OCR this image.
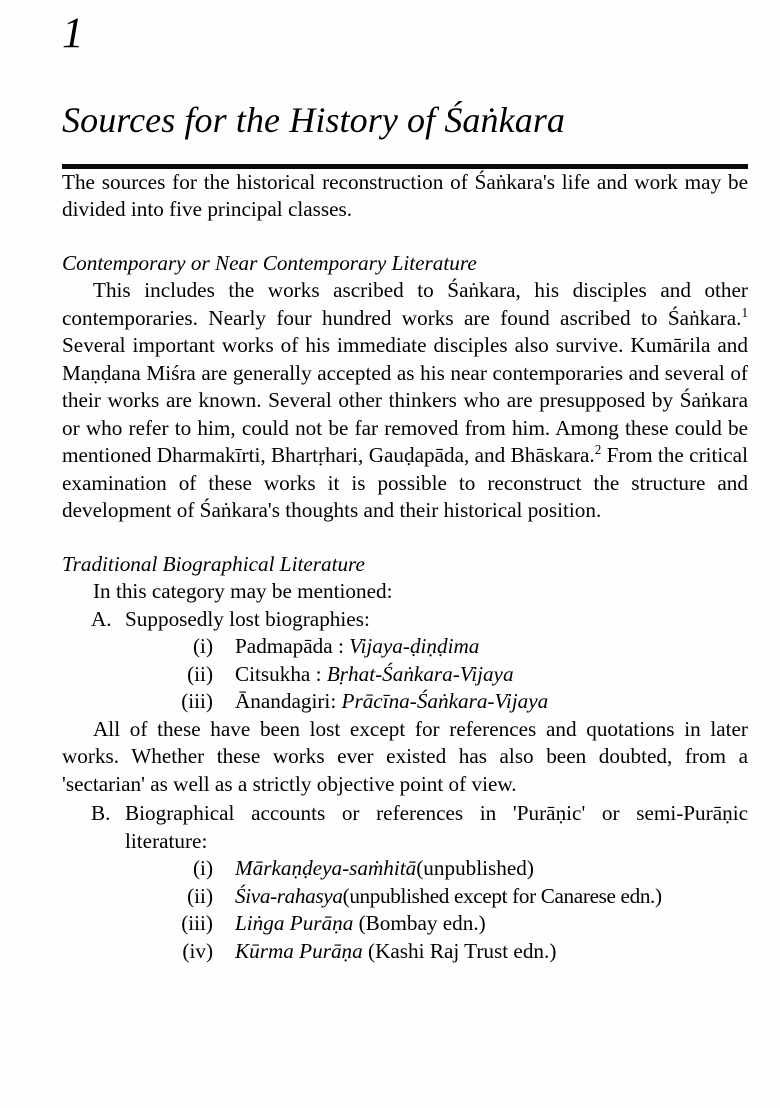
1
Sources for the History of Śaṅkara

The sources for the historical reconstruction of Śaṅkara's life and work may be divided into five principal classes.

Contemporary or Near Contemporary Literature

This includes the works ascribed to Śaṅkara, his disciples and other contemporaries. Nearly four hundred works are found ascribed to Śaṅkara.$^1$ Several important works of his immediate disciples also survive. Kumārila and Maṇḍana Miśra are generally accepted as his near contemporaries and several of their works are known. Several other thinkers who are presupposed by Śaṅkara or who refer to him, could not be far removed from him. Among these could be mentioned Dharmakīrti, Bhartṛhari, Gauḍapāda, and Bhāskara.$^2$ From the critical examination of these works it is possible to reconstruct the structure and development of Śaṅkara's thoughts and their historical position.

Traditional Biographical Literature
In this category may be mentioned:
A. Supposedly lost biographies:
(i)	Padmapāda : Vijaya-ḍiṇḍima
(ii)	Citsukha : Bṛhat-Śaṅkara-Vijaya
(iii)	Ānandagiri: Prācīna-Śaṅkara-Vijaya

All of these have been lost except for references and quotations in later works. Whether these works ever existed has also been doubted, from a 'sectarian' as well as a strictly objective point of view.

B. Biographical accounts or references in 'Purāṇic' or semi-Purāṇic literature:
(i)	Mārkaṇḍeya-saṁhitā(unpublished)
(ii)	Śiva-rahasya(unpublished except for Canarese edn.)
(iii)	Liṅga Purāṇa (Bombay edn.)
(iv)	Kūrma Purāṇa (Kashi Raj Trust edn.)
